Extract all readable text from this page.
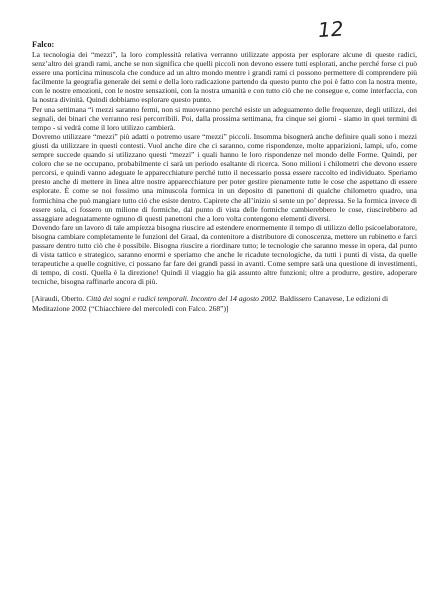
12

Falco:

La tecnologia dei “mezzi”, la loro complessità relativa verranno utilizzate apposta per esplorare alcune di queste radici, senz’altro dei grandi rami, anche se non significa che quelli piccoli non devono essere tutti esplorati, anche perché forse ci può essere una porticina minuscola che conduce ad un altro mondo mentre i grandi rami ci possono permettere di comprendere più facilmente la geografia generale dei semi e della loro radicazione partendo da questo punto che poi è fatto con la nostra mente, con le nostre emozioni, con le nostre sensazioni, con la nostra umanità e con tutto ciò che ne consegue e, come interfaccia, con la nostra divinità. Quindi dobbiamo esplorare questo punto.

Per una settimana “i mezzi saranno fermi, non si muoveranno perché esiste un adeguamento delle frequenze, degli utilizzi, dei segnali, dei binari che verranno resi percorribili. Poi, dalla prossima settimana, fra cinque sei giorni - siamo in quei termini di tempo - si vedrà come il loro utilizzo cambierà.

Dovremo utilizzare “mezzi” più adatti o potremo usare “mezzi” piccoli. Insomma bisognerà anche definire quali sono i mezzi giusti da utilizzare in questi contesti. Vuol anche dire che ci saranno, come rispondenze, molte apparizioni, lampi, ufo, come sempre succede quando si utilizzano questi “mezzi” i quali hanno le loro rispondenze nel mondo delle Forme. Quindi, per coloro che se ne occupano, probabilmente ci sarà un periodo esaltante di ricerca. Sono milioni i chilometri che devono essere percorsi, e quindi vanno adeguate le apparecchiature perché tutto il necessario possa essere raccolto ed individuato. Speriamo presto anche di mettere in linea altre nostre apparecchiature per poter gestire pienamente tutte le cose che aspettano di essere esplorate. È come se noi fossimo una minuscola formica in un deposito di panettoni di qualche chilometro quadro, una formichina che può mangiare tutto ciò che esiste dentro. Capirete che all’inizio si sente un po’ depressa. Se la formica invece di essere sola, ci fossero un milione di formiche, dal punto di vista delle formiche cambierebbero le cose, riuscirebbero ad assaggiare adeguatamente ognuno di questi panettoni che a loro volta contengono elementi diversi.

Dovendo fare un lavoro di tale ampiezza bisogna riuscire ad estendere enormemente il tempo di utilizzo dello psicoelaboratore, bisogna cambiare completamente le funzioni del Graal, da contenitore a distributore di conoscenza, mettere un rubinetto e farci passare dentro tutto ciò che è possibile. Bisogna riuscire a riordinare tutto; le tecnologie che saranno messe in opera, dal punto di vista tattico e strategico, saranno enormi e speriamo che anche le ricadute tecnologiche, da tutti i punti di vista, da quelle terapeutiche a quelle cognitive, ci possano far fare dei grandi passi in avanti. Come sempre sarà una questione di investimenti, di tempo, di costi. Quella è la direzione! Quindi il viaggio ha già assunto altre funzioni; oltre a produrre, gestire, adoperare tecniche, bisogna raffinarle ancora di più.

[Airaudi, Oberto. Città dei sogni e radici temporali. Incontro del 14 agosto 2002. Baldissero Canavese, Le edizioni di Meditazione 2002 (“Chiacchiere del mercoledì con Falco. 268”)]
